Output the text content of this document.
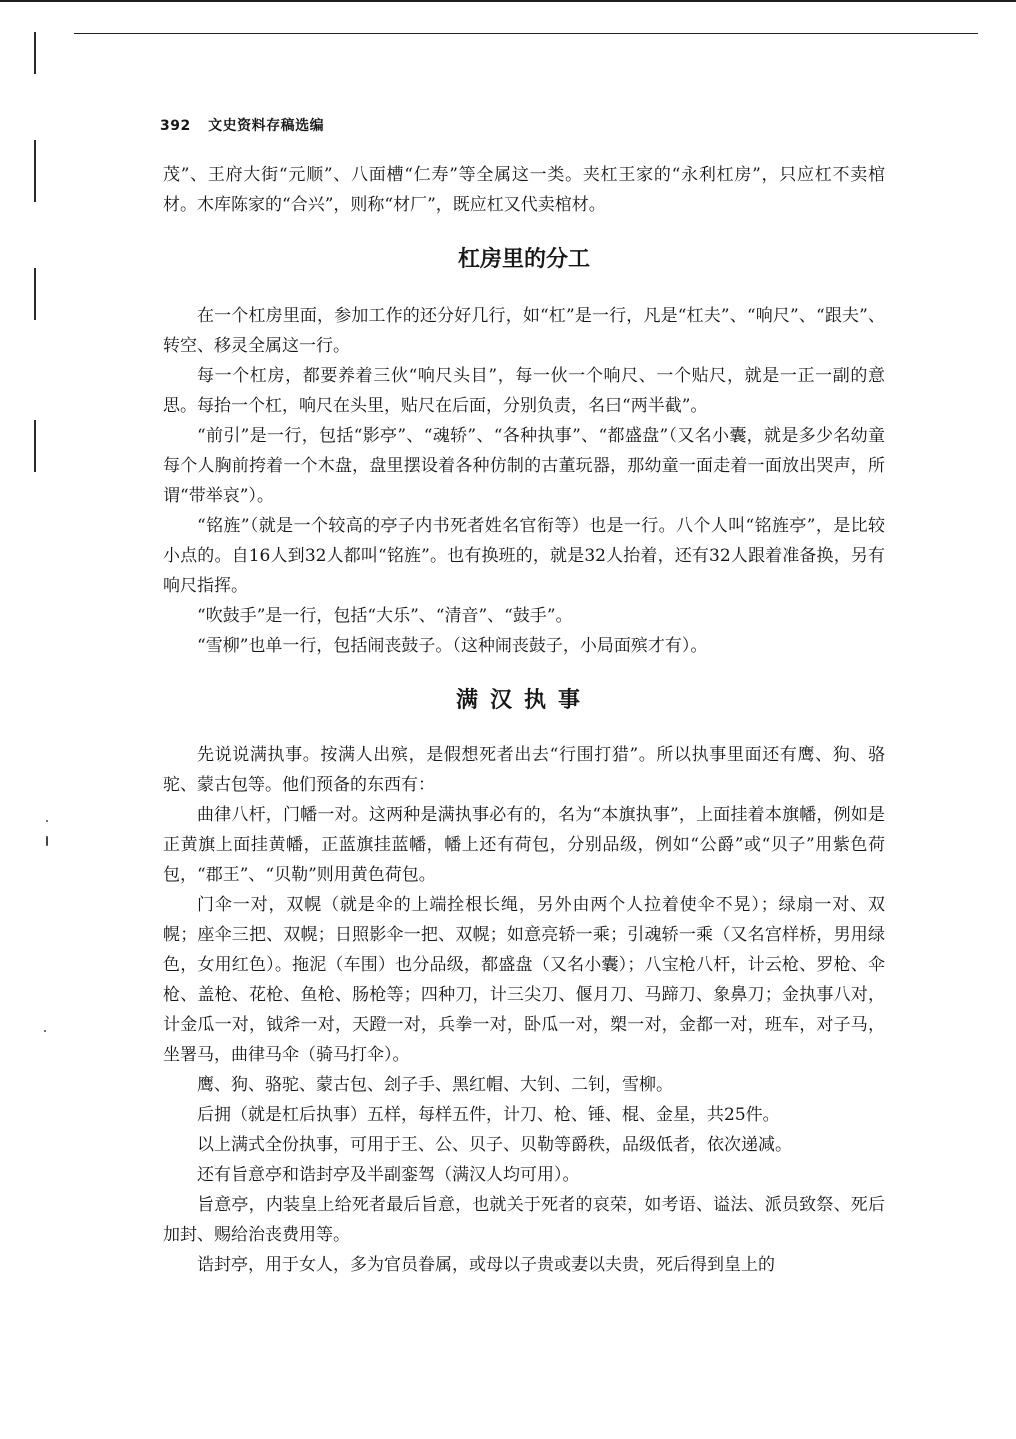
392 文史资料存稿选编

茂”、王府大街“元顺”、八面槽“仁寿”等全属这一类。夹杠王家的“永利杠房”，只应杠不卖棺材。木库陈家的“合兴”，则称“材厂”，既应杠又代卖棺材。

杠房里的分工

在一个杠房里面，参加工作的还分好几行，如“杠”是一行，凡是“杠夫”、“响尺”、“跟夫”、转空、移灵全属这一行。

每一个杠房，都要养着三伙“响尺头目”，每一伙一个响尺、一个贴尺，就是一正一副的意思。每抬一个杠，响尺在头里，贴尺在后面，分别负责，名曰“两半截”。

“前引”是一行，包括“影亭”、“魂轿”、“各种执事”、“都盛盘”（又名小囊，就是多少名幼童每个人胸前挎着一个木盘，盘里摆设着各种仿制的古董玩器，那幼童一面走着一面放出哭声，所谓“带举哀”）。

“铭旌”（就是一个较高的亭子内书死者姓名官衔等）也是一行。八个人叫“铭旌亭”，是比较小点的。自16人到32人都叫“铭旌”。也有换班的，就是32人抬着，还有32人跟着准备换，另有响尺指挥。

“吹鼓手”是一行，包括“大乐”、“清音”、“鼓手”。

“雪柳”也单一行，包括闹丧鼓子。（这种闹丧鼓子，小局面殡才有）。

满汉执事

先说说满执事。按满人出殡，是假想死者出去“行围打猎”。所以执事里面还有鹰、狗、骆驼、蒙古包等。他们预备的东西有：

曲律八杆，门幡一对。这两种是满执事必有的，名为“本旗执事”，上面挂着本旗幡，例如是正黄旗上面挂黄幡，正蓝旗挂蓝幡，幡上还有荷包，分别品级，例如“公爵”或“贝子”用紫色荷包，“郡王”、“贝勒”则用黄色荷包。

门伞一对，双幌（就是伞的上端拴根长绳，另外由两个人拉着使伞不晃）；绿扇一对、双幌；座伞三把、双幌；日照影伞一把、双幌；如意亮轿一乘；引魂轿一乘（又名宫样桥，男用绿色，女用红色）。拖泥（车围）也分品级，都盛盘（又名小囊）；八宝枪八杆，计云枪、罗枪、伞枪、盖枪、花枪、鱼枪、肠枪等；四种刀，计三尖刀、偃月刀、马蹄刀、象鼻刀；金执事八对，计金瓜一对，钺斧一对，天蹬一对，兵拳一对，卧瓜一对，槊一对，金都一对，班车，对子马，坐署马，曲律马伞（骑马打伞）。

鹰、狗、骆驼、蒙古包、刽子手、黑红帽、大钊、二钊，雪柳。

后拥（就是杠后执事）五样，每样五件，计刀、枪、锤、棍、金星，共25件。

以上满式全份执事，可用于王、公、贝子、贝勒等爵秩，品级低者，依次递减。

还有旨意亭和诰封亭及半副銮驾（满汉人均可用）。

旨意亭，内装皇上给死者最后旨意，也就关于死者的哀荣，如考语、谥法、派员致祭、死后加封、赐给治丧费用等。

诰封亭，用于女人，多为官员眷属，或母以子贵或妻以夫贵，死后得到皇上的
